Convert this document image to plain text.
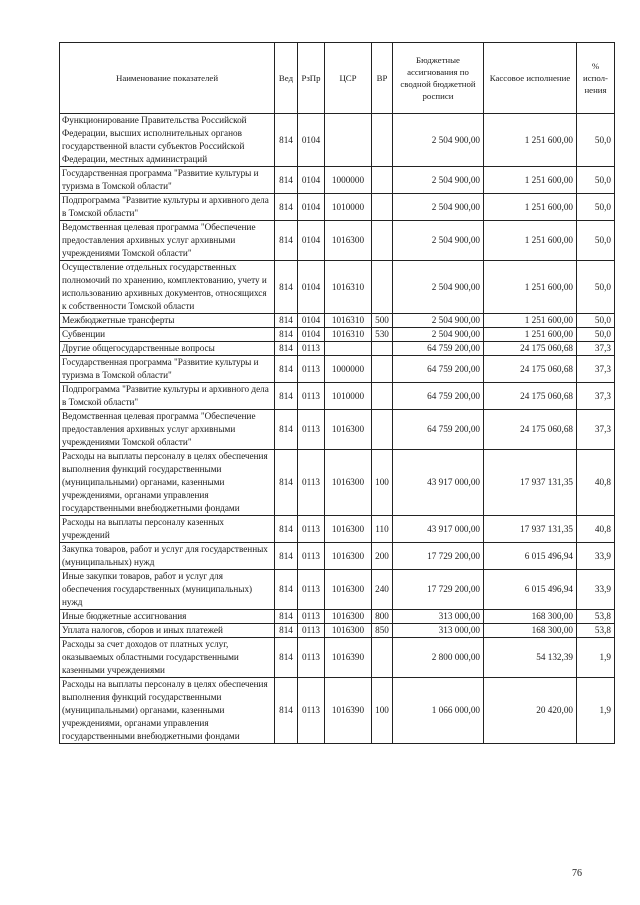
Наименование показателей	Вед	РзПр	ЦСР	ВР	Бюджетные ассигнования по сводной бюджетной росписи	Кассовое исполнение	% испол-нения
Функционирование Правительства Российской Федерации, высших исполнительных органов государственной власти субъектов Российской Федерации, местных администраций	814	0104			2 504 900,00	1 251 600,00	50,0
Государственная программа "Развитие культуры и туризма в Томской области"	814	0104	1000000		2 504 900,00	1 251 600,00	50,0
Подпрограмма "Развитие культуры и архивного дела в Томской области"	814	0104	1010000		2 504 900,00	1 251 600,00	50,0
Ведомственная целевая программа "Обеспечение предоставления архивных услуг архивными учреждениями Томской области"	814	0104	1016300		2 504 900,00	1 251 600,00	50,0
Осуществление отдельных государственных полномочий по хранению, комплектованию, учету и использованию архивных документов, относящихся к собственности Томской области	814	0104	1016310		2 504 900,00	1 251 600,00	50,0
Межбюджетные трансферты	814	0104	1016310	500	2 504 900,00	1 251 600,00	50,0
Субвенции	814	0104	1016310	530	2 504 900,00	1 251 600,00	50,0
Другие общегосударственные вопросы	814	0113			64 759 200,00	24 175 060,68	37,3
Государственная программа "Развитие культуры и туризма в Томской области"	814	0113	1000000		64 759 200,00	24 175 060,68	37,3
Подпрограмма "Развитие культуры и архивного дела в Томской области"	814	0113	1010000		64 759 200,00	24 175 060,68	37,3
Ведомственная целевая программа "Обеспечение предоставления архивных услуг архивными учреждениями Томской области"	814	0113	1016300		64 759 200,00	24 175 060,68	37,3
Расходы на выплаты персоналу в целях обеспечения выполнения функций государственными (муниципальными) органами, казенными учреждениями, органами управления государственными внебюджетными фондами	814	0113	1016300	100	43 917 000,00	17 937 131,35	40,8
Расходы на выплаты персоналу казенных учреждений	814	0113	1016300	110	43 917 000,00	17 937 131,35	40,8
Закупка товаров, работ и услуг для государственных (муниципальных) нужд	814	0113	1016300	200	17 729 200,00	6 015 496,94	33,9
Иные закупки товаров, работ и услуг для обеспечения государственных (муниципальных) нужд	814	0113	1016300	240	17 729 200,00	6 015 496,94	33,9
Иные бюджетные ассигнования	814	0113	1016300	800	313 000,00	168 300,00	53,8
Уплата налогов, сборов и иных платежей	814	0113	1016300	850	313 000,00	168 300,00	53,8
Расходы за счет доходов от платных услуг, оказываемых областными государственными казенными учреждениями	814	0113	1016390		2 800 000,00	54 132,39	1,9
Расходы на выплаты персоналу в целях обеспечения выполнения функций государственными (муниципальными) органами, казенными учреждениями, органами управления государственными внебюджетными фондами	814	0113	1016390	100	1 066 000,00	20 420,00	1,9
76
